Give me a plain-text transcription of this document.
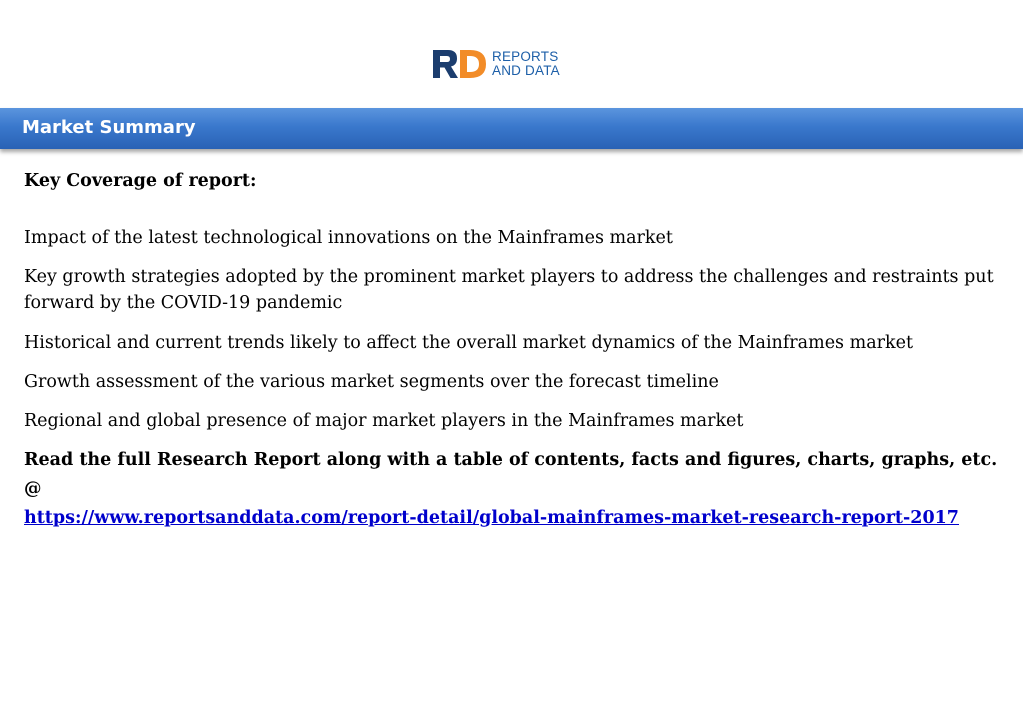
REPORTS
AND DATA
Market Summary
Key Coverage of report:
Impact of the latest technological innovations on the Mainframes market
Key growth strategies adopted by the prominent market players to address the challenges and restraints put forward by the COVID-19 pandemic
Historical and current trends likely to affect the overall market dynamics of the Mainframes market
Growth assessment of the various market segments over the forecast timeline
Regional and global presence of major market players in the Mainframes market
Read the full Research Report along with a table of contents, facts and figures, charts, graphs, etc. @
https://www.reportsanddata.com/report-detail/global-mainframes-market-research-report-2017
